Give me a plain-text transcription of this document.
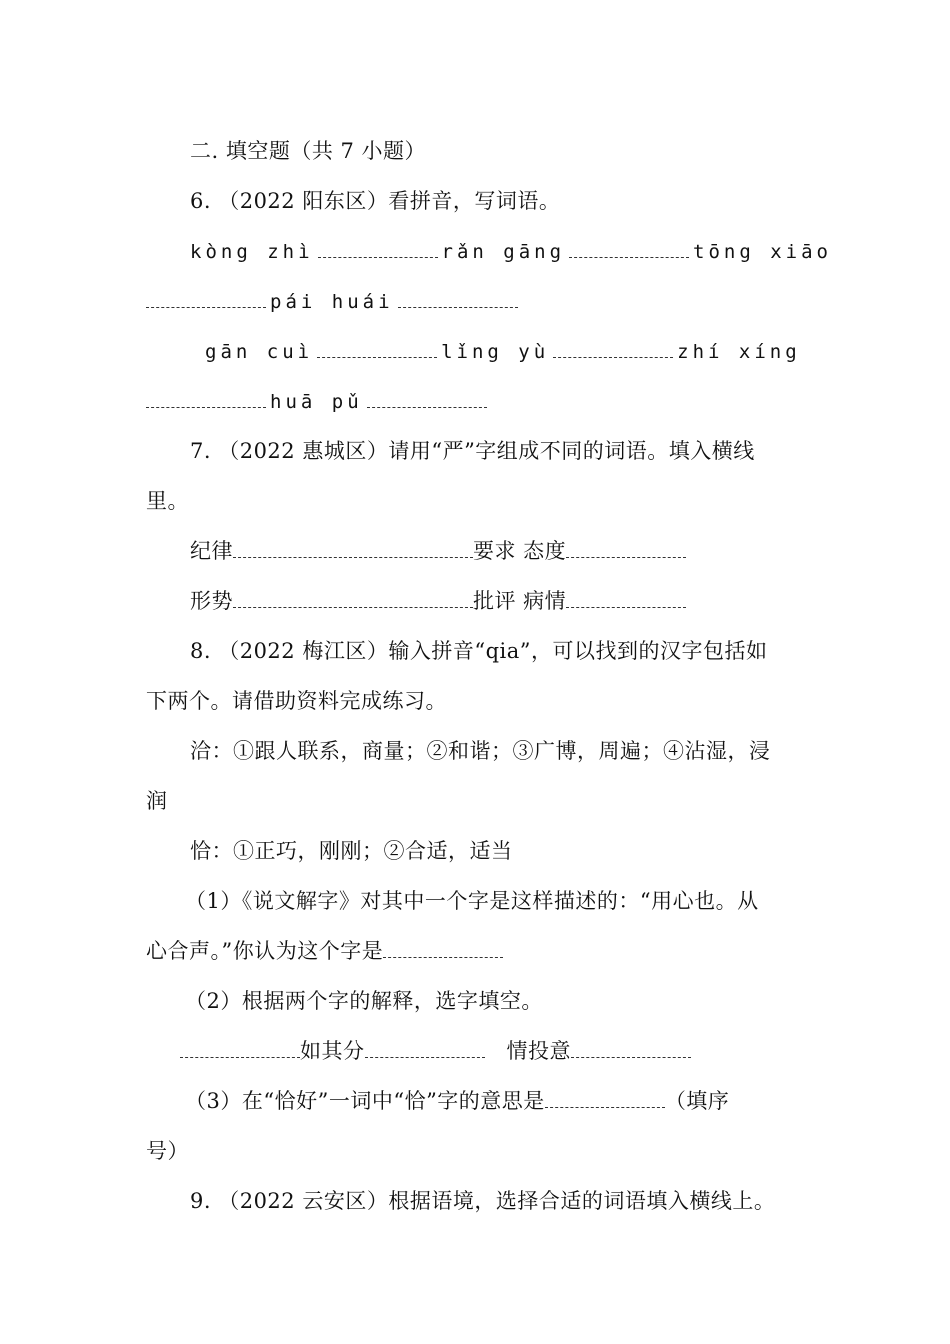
二. 填空题（共 7 小题）
6. （2022 阳东区）看拼音，写词语。
kòng zhì	rǎn gāng	tōng xiāo
pái huái
gān cuì	lǐng yù	zhí xíng
huā pǔ
7. （2022 惠城区）请用“严”字组成不同的词语。填入横线
里。
纪律	要求 态度
形势	批评 病情
8. （2022 梅江区）输入拼音“qia”，可以找到的汉字包括如
下两个。请借助资料完成练习。
洽：①跟人联系，商量；②和谐；③广博，周遍；④沾湿，浸
润
恰：①正巧，刚刚；②合适，适当
（1）《说文解字》对其中一个字是这样描述的：“用心也。从
心合声。”你认为这个字是
（2）根据两个字的解释，选字填空。
如其分	情投意
（3）在“恰好”一词中“恰”字的意思是	（填序
号）
9. （2022 云安区）根据语境，选择合适的词语填入横线上。
